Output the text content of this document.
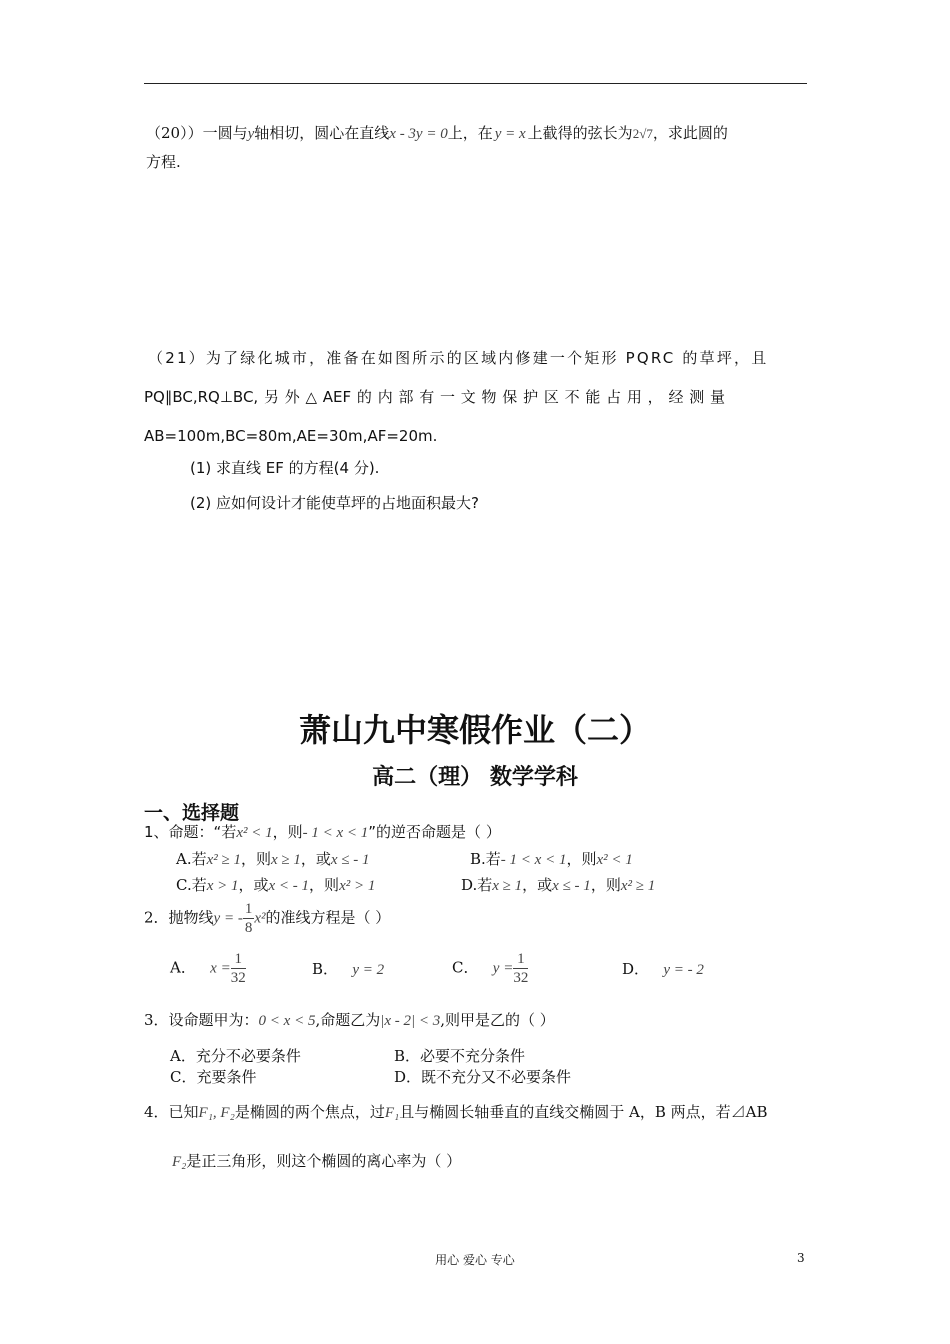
（20））一圆与y轴相切，圆心在直线x - 3y = 0上，在 y = x 上截得的弦长为2√7，求此圆的
方程.
（21）为了绿化城市，准备在如图所示的区域内修建一个矩形 PQRC 的草坪，且
PQ∥BC,RQ⊥BC, 另 外 △ AEF 的 内 部 有 一 文 物 保 护 区 不 能 占 用 ， 经 测 量
AB=100m,BC=80m,AE=30m,AF=20m.
(1) 求直线 EF 的方程(4 分).
(2) 应如何设计才能使草坪的占地面积最大?
萧山九中寒假作业（二）
高二（理） 数学学科
一、选择题
1、命题：“若x² < 1，则- 1 < x < 1”的逆否命题是（ ）
A.若x² ≥ 1，则x ≥ 1，或x ≤ - 1	B.若- 1 < x < 1，则x² < 1
C.若x > 1，或x < - 1，则x² > 1	D.若x ≥ 1，或x ≤ - 1，则x² ≥ 1
2．抛物线y = - $\frac{1}{8} x^2$的准线方程是（ ）
A． $x = \frac{1}{32}$	B． y = 2	C． $y = \frac{1}{32}$	D． y = - 2
3．设命题甲为：0 < x < 5,命题乙为|x - 2| < 3,则甲是乙的（ ）
A．充分不必要条件	B．必要不充分条件
C．充要条件	D．既不充分又不必要条件
4．已知F₁, F₂是椭圆的两个焦点，过F₁且与椭圆长轴垂直的直线交椭圆于 A，B 两点，若⊿AB
F₂是正三角形，则这个椭圆的离心率为（ ）
用心 爱心 专心	3
